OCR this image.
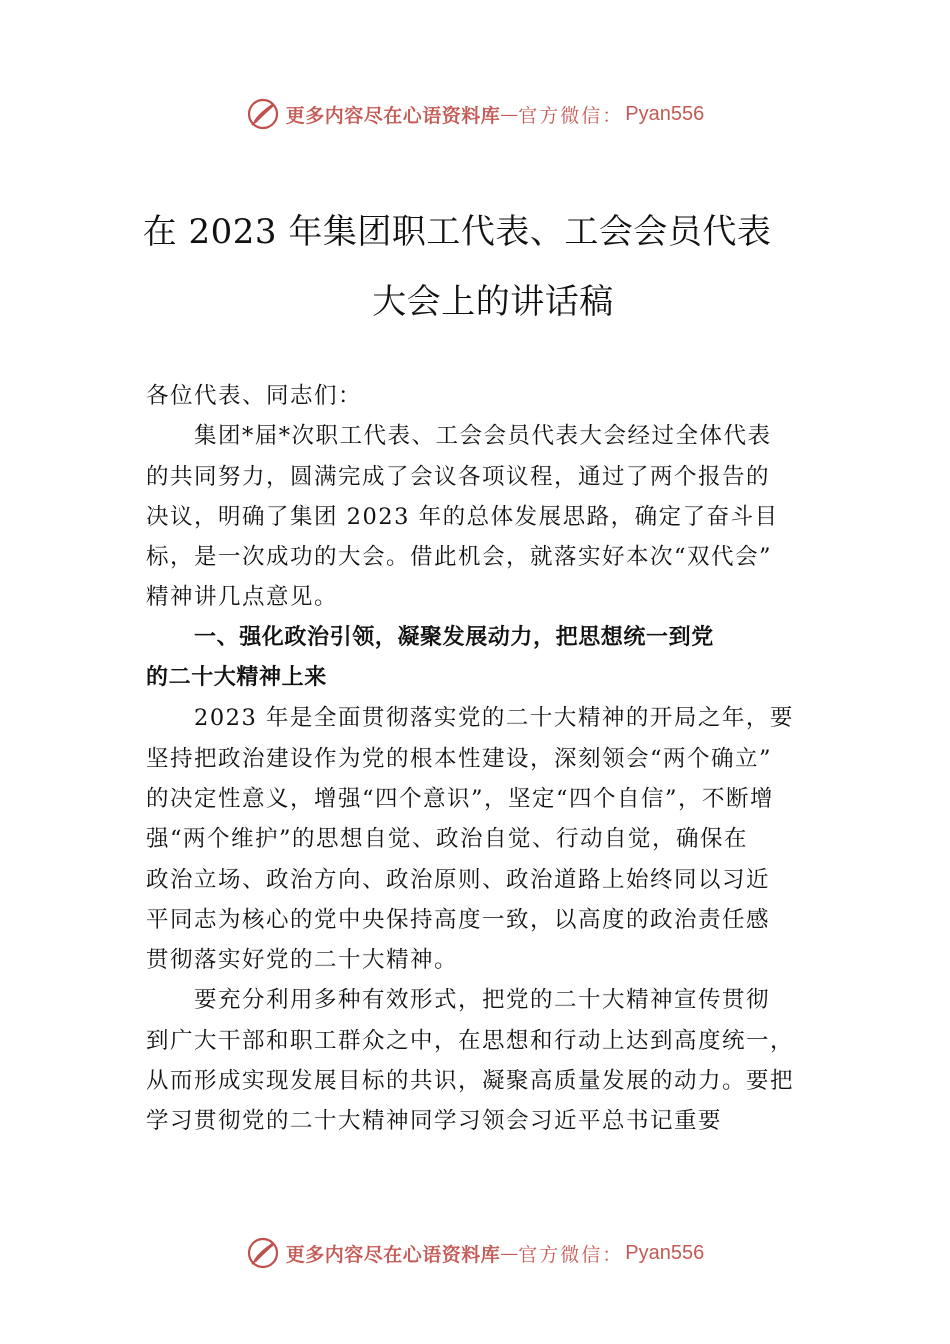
更多内容尽在心语资料库 — 官方微信： Pyan556
在 2023 年集团职工代表、工会会员代表
大会上的讲话稿
各位代表、同志们：
集团*届*次职工代表、工会会员代表大会经过全体代表
的共同努力，圆满完成了会议各项议程，通过了两个报告的
决议，明确了集团 2023 年的总体发展思路，确定了奋斗目
标，是一次成功的大会。借此机会，就落实好本次“双代会”
精神讲几点意见。
一、强化政治引领，凝聚发展动力，把思想统一到党
的二十大精神上来
2023 年是全面贯彻落实党的二十大精神的开局之年，要
坚持把政治建设作为党的根本性建设，深刻领会“两个确立”
的决定性意义，增强“四个意识”，坚定“四个自信”，不断增
强“两个维护”的思想自觉、政治自觉、行动自觉，确保在
政治立场、政治方向、政治原则、政治道路上始终同以习近
平同志为核心的党中央保持高度一致，以高度的政治责任感
贯彻落实好党的二十大精神。
要充分利用多种有效形式，把党的二十大精神宣传贯彻
到广大干部和职工群众之中，在思想和行动上达到高度统一，
从而形成实现发展目标的共识，凝聚高质量发展的动力。要把
学习贯彻党的二十大精神同学习领会习近平总书记重要
更多内容尽在心语资料库 — 官方微信： Pyan556
